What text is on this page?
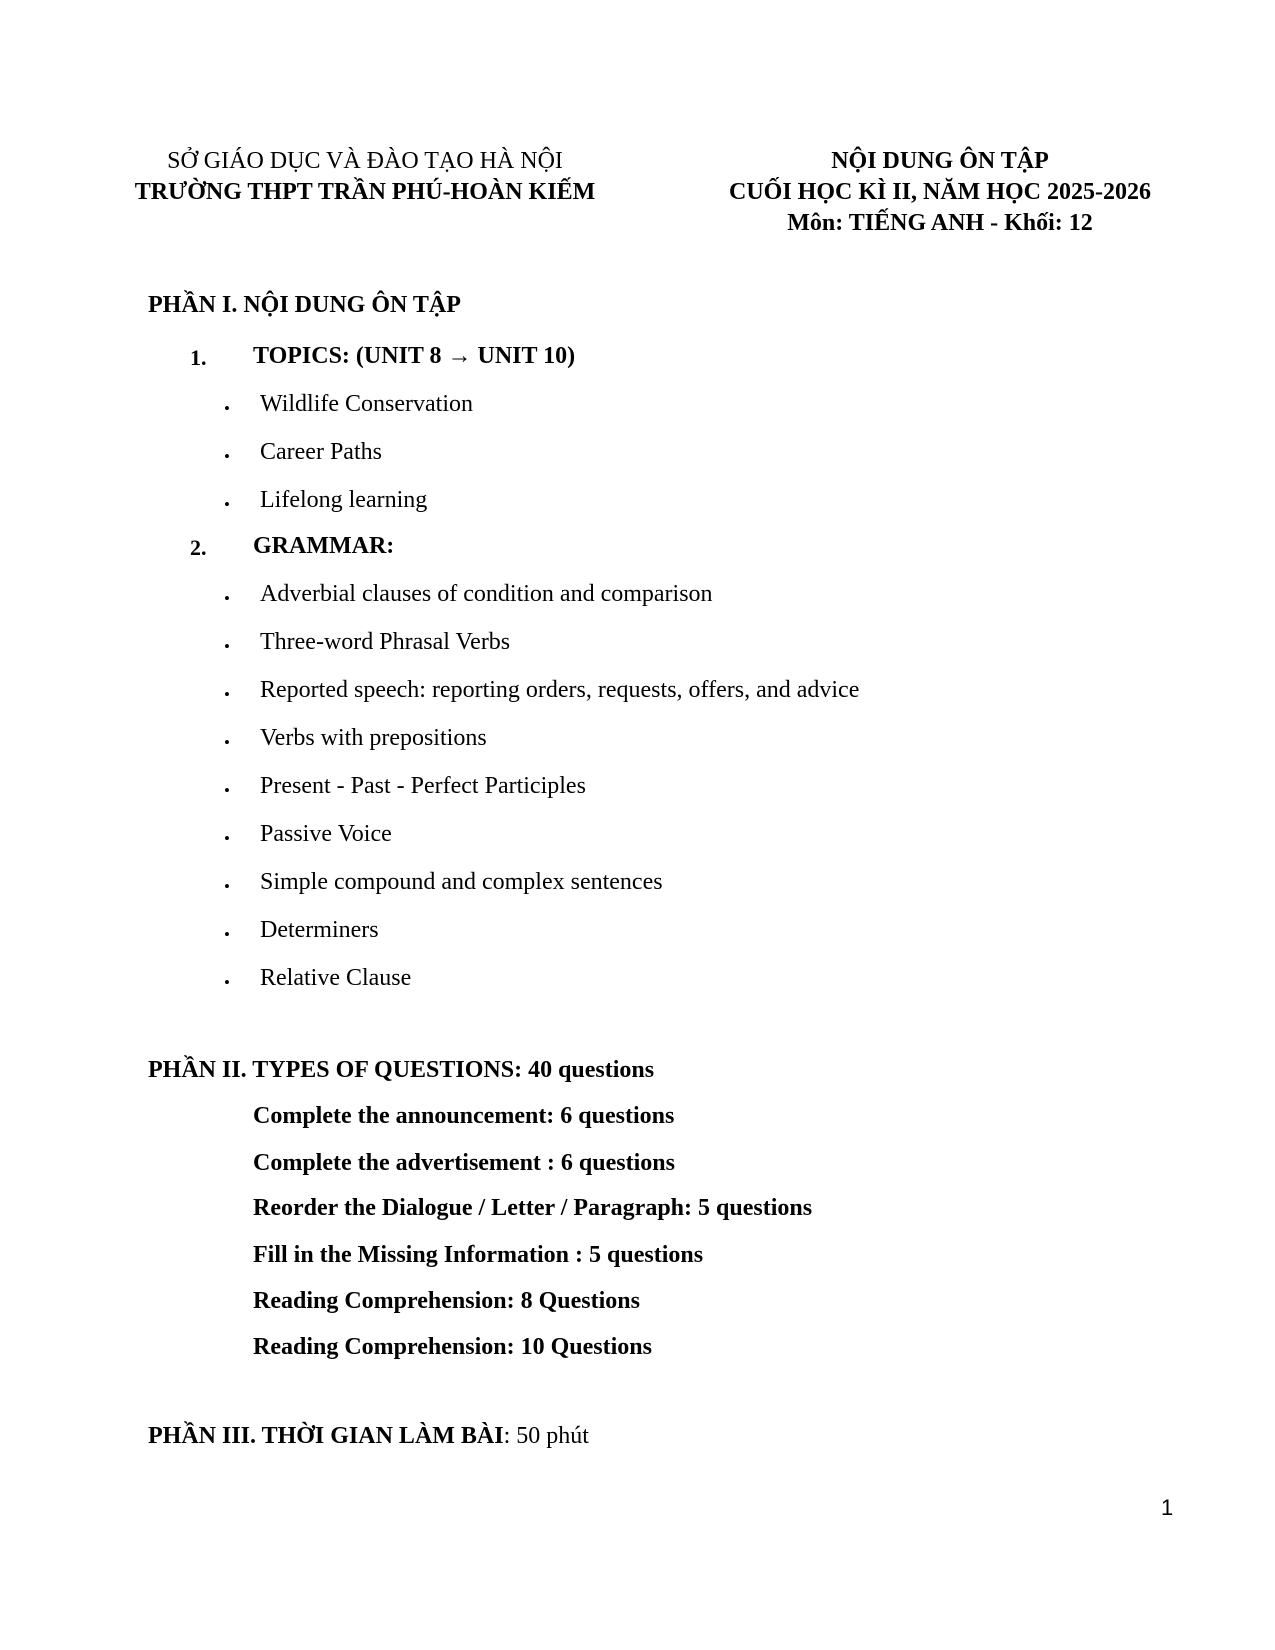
SỞ GIÁO DỤC VÀ ĐÀO TẠO HÀ NỘI
TRƯỜNG THPT TRẦN PHÚ-HOÀN KIẾM
NỘI DUNG ÔN TẬP
CUỐI HỌC KÌ II, NĂM HỌC 2025-2026
Môn: TIẾNG ANH - Khối: 12
PHẦN I. NỘI DUNG ÔN TẬP
1. TOPICS: (UNIT 8 → UNIT 10)
• Wildlife Conservation
• Career Paths
• Lifelong learning
2. GRAMMAR:
• Adverbial clauses of condition and comparison
• Three-word Phrasal Verbs
• Reported speech: reporting orders, requests, offers, and advice
• Verbs with prepositions
• Present - Past - Perfect Participles
• Passive Voice
• Simple compound and complex sentences
• Determiners
• Relative Clause
PHẦN II. TYPES OF QUESTIONS: 40 questions
Complete the announcement: 6 questions
Complete the advertisement : 6 questions
Reorder the Dialogue / Letter / Paragraph: 5 questions
Fill in the Missing Information : 5 questions
Reading Comprehension: 8 Questions
Reading Comprehension: 10 Questions
PHẦN III. THỜI GIAN LÀM BÀI: 50 phút
1
